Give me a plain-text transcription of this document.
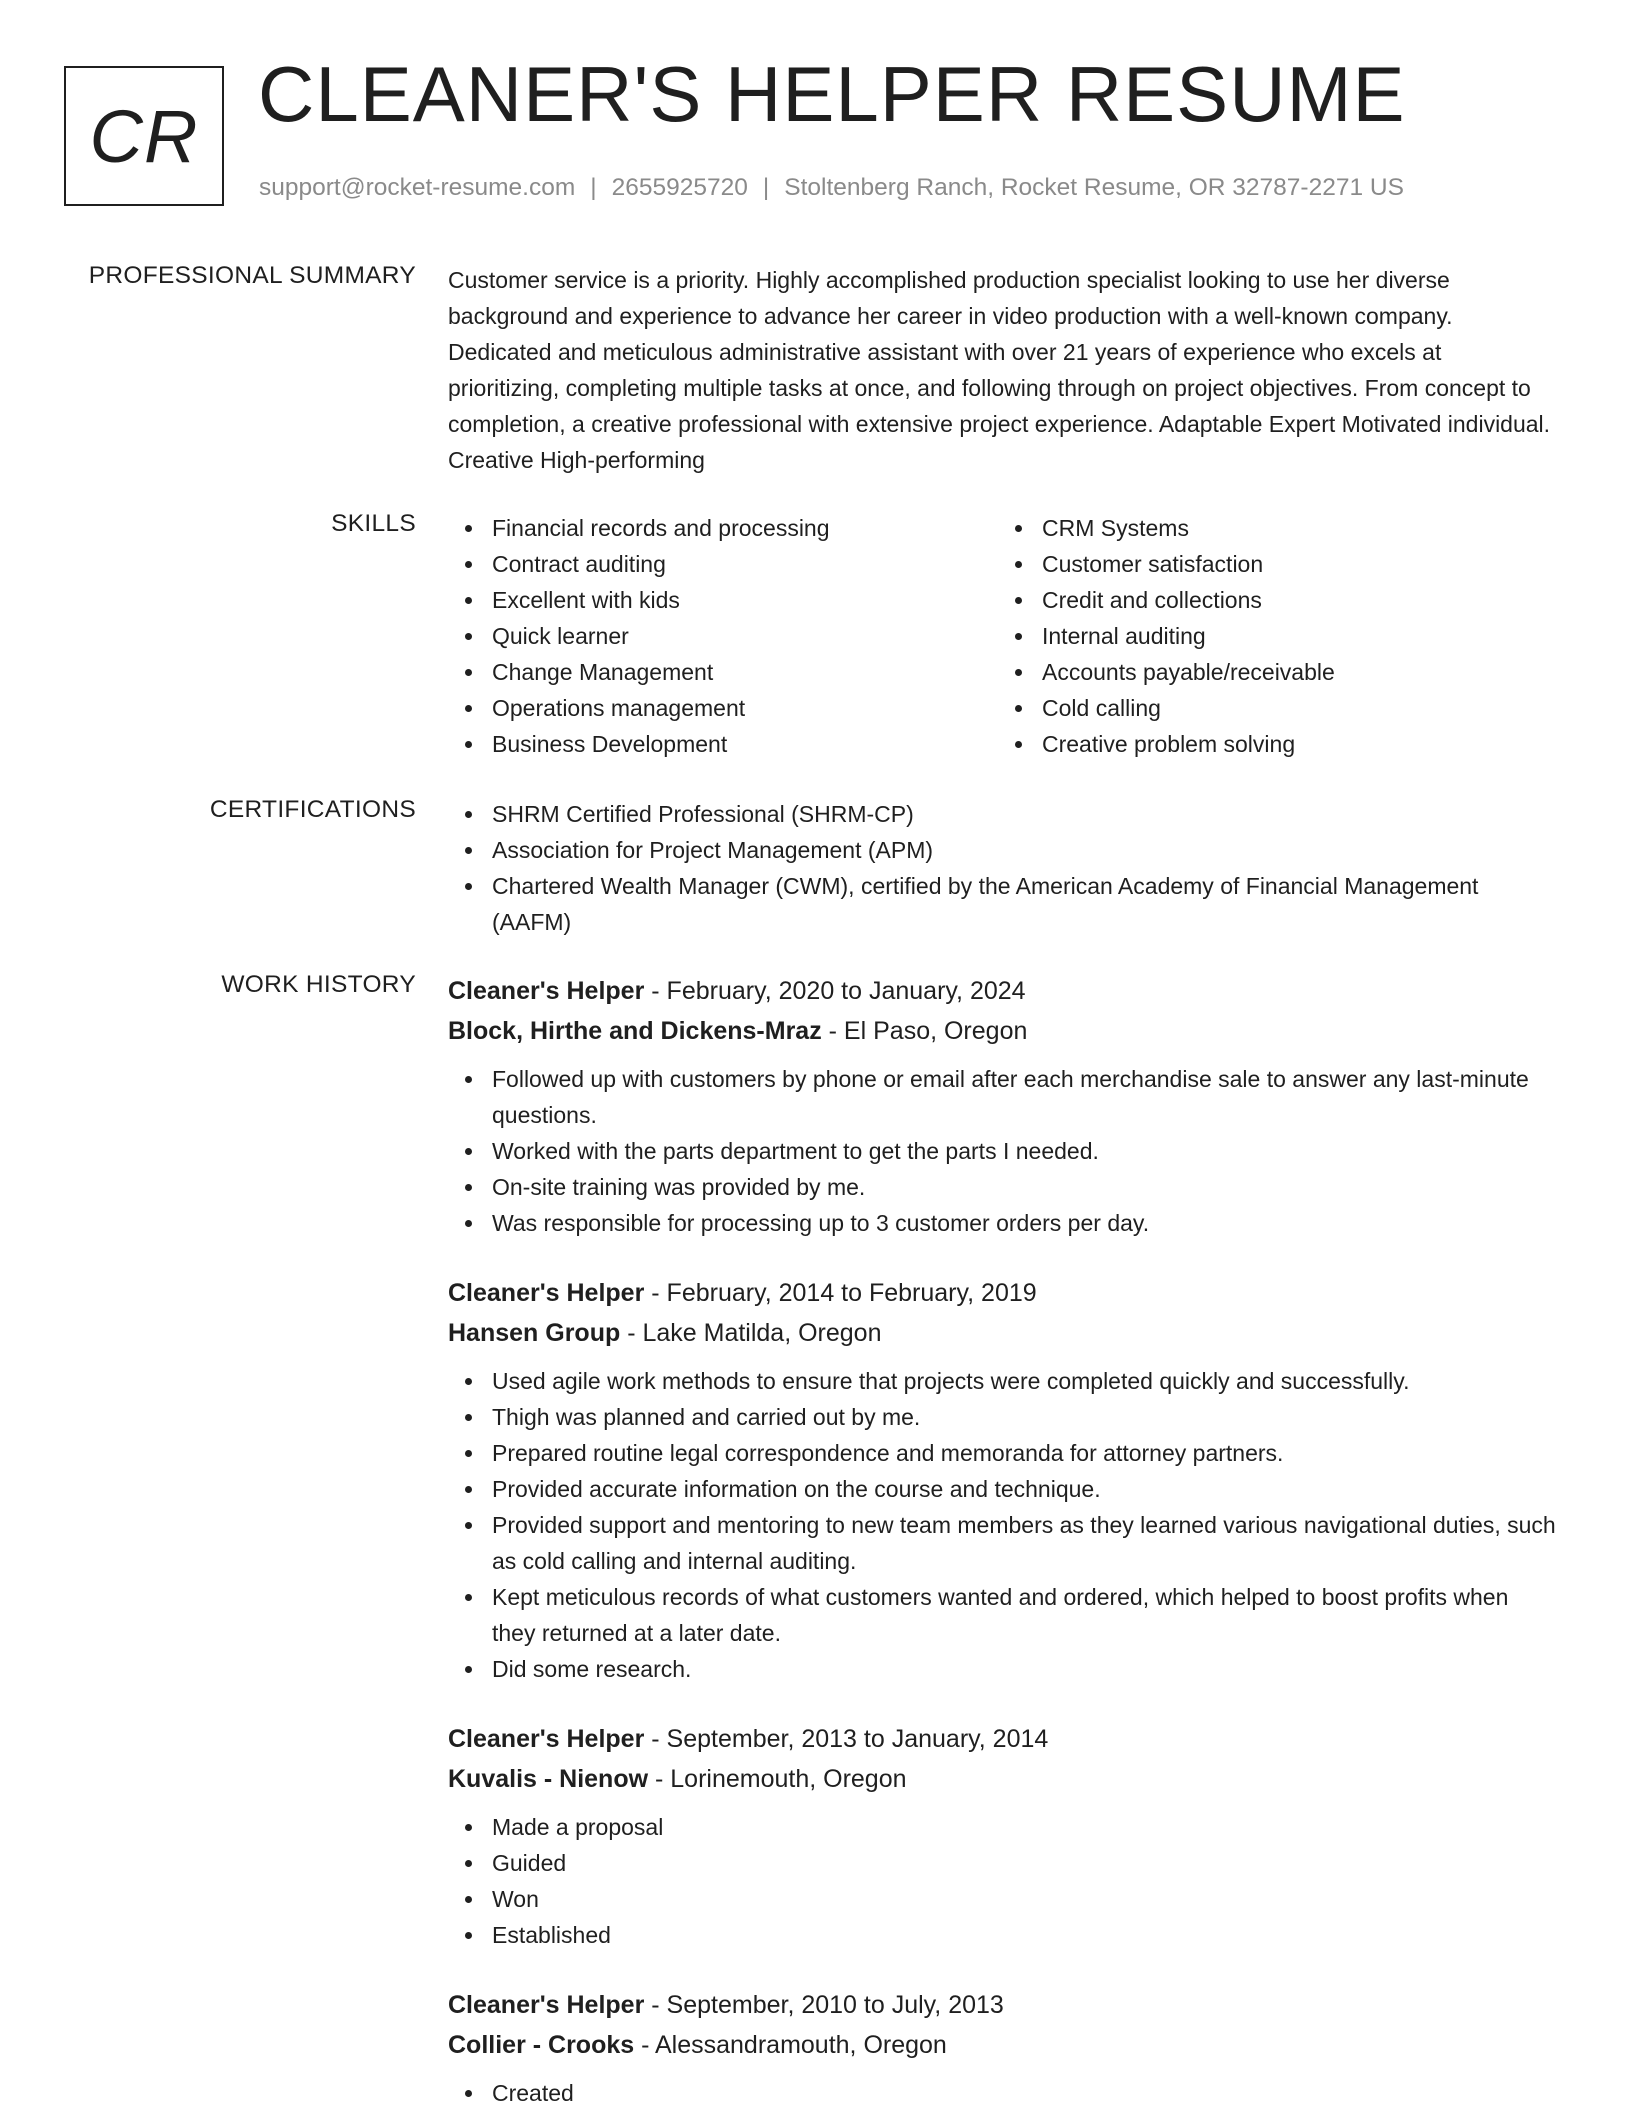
CR CLEANER'S HELPER RESUME
support@rocket-resume.com | 2655925720 | Stoltenberg Ranch, Rocket Resume, OR 32787-2271 US
PROFESSIONAL SUMMARY Customer service is a priority. Highly accomplished production specialist looking to use her diverse background and experience to advance her career in video production with a well-known company. Dedicated and meticulous administrative assistant with over 21 years of experience who excels at prioritizing, completing multiple tasks at once, and following through on project objectives. From concept to completion, a creative professional with extensive project experience. Adaptable Expert Motivated individual. Creative High-performing

SKILLS	Financial records and processing
Contract auditing
Excellent with kids
Quick learner
Change Management
Operations management
Business Development
CRM Systems
Customer satisfaction
Credit and collections
Internal auditing
Accounts payable/receivable
Cold calling
Creative problem solving
CERTIFICATIONS	SHRM Certified Professional (SHRM-CP)
Association for Project Management (APM)
Chartered Wealth Manager (CWM), certified by the American Academy of Financial Management (AAFM)
WORK HISTORY Cleaner's Helper - February, 2020 to January, 2024
Block, Hirthe and Dickens-Mraz - El Paso, Oregon
Followed up with customers by phone or email after each merchandise sale to answer any last-minute questions.
Worked with the parts department to get the parts I needed.
On-site training was provided by me.
Was responsible for processing up to 3 customer orders per day.
Cleaner's Helper - February, 2014 to February, 2019
Hansen Group - Lake Matilda, Oregon
Used agile work methods to ensure that projects were completed quickly and successfully.
Thigh was planned and carried out by me.
Prepared routine legal correspondence and memoranda for attorney partners.
Provided accurate information on the course and technique.
Provided support and mentoring to new team members as they learned various navigational duties, such as cold calling and internal auditing.
Kept meticulous records of what customers wanted and ordered, which helped to boost profits when they returned at a later date.
Did some research.
Cleaner's Helper - September, 2013 to January, 2014
Kuvalis - Nienow - Lorinemouth, Oregon
Made a proposal
Guided
Won
Established
Cleaner's Helper - September, 2010 to July, 2013
Collier - Crooks - Alessandramouth, Oregon
Created
